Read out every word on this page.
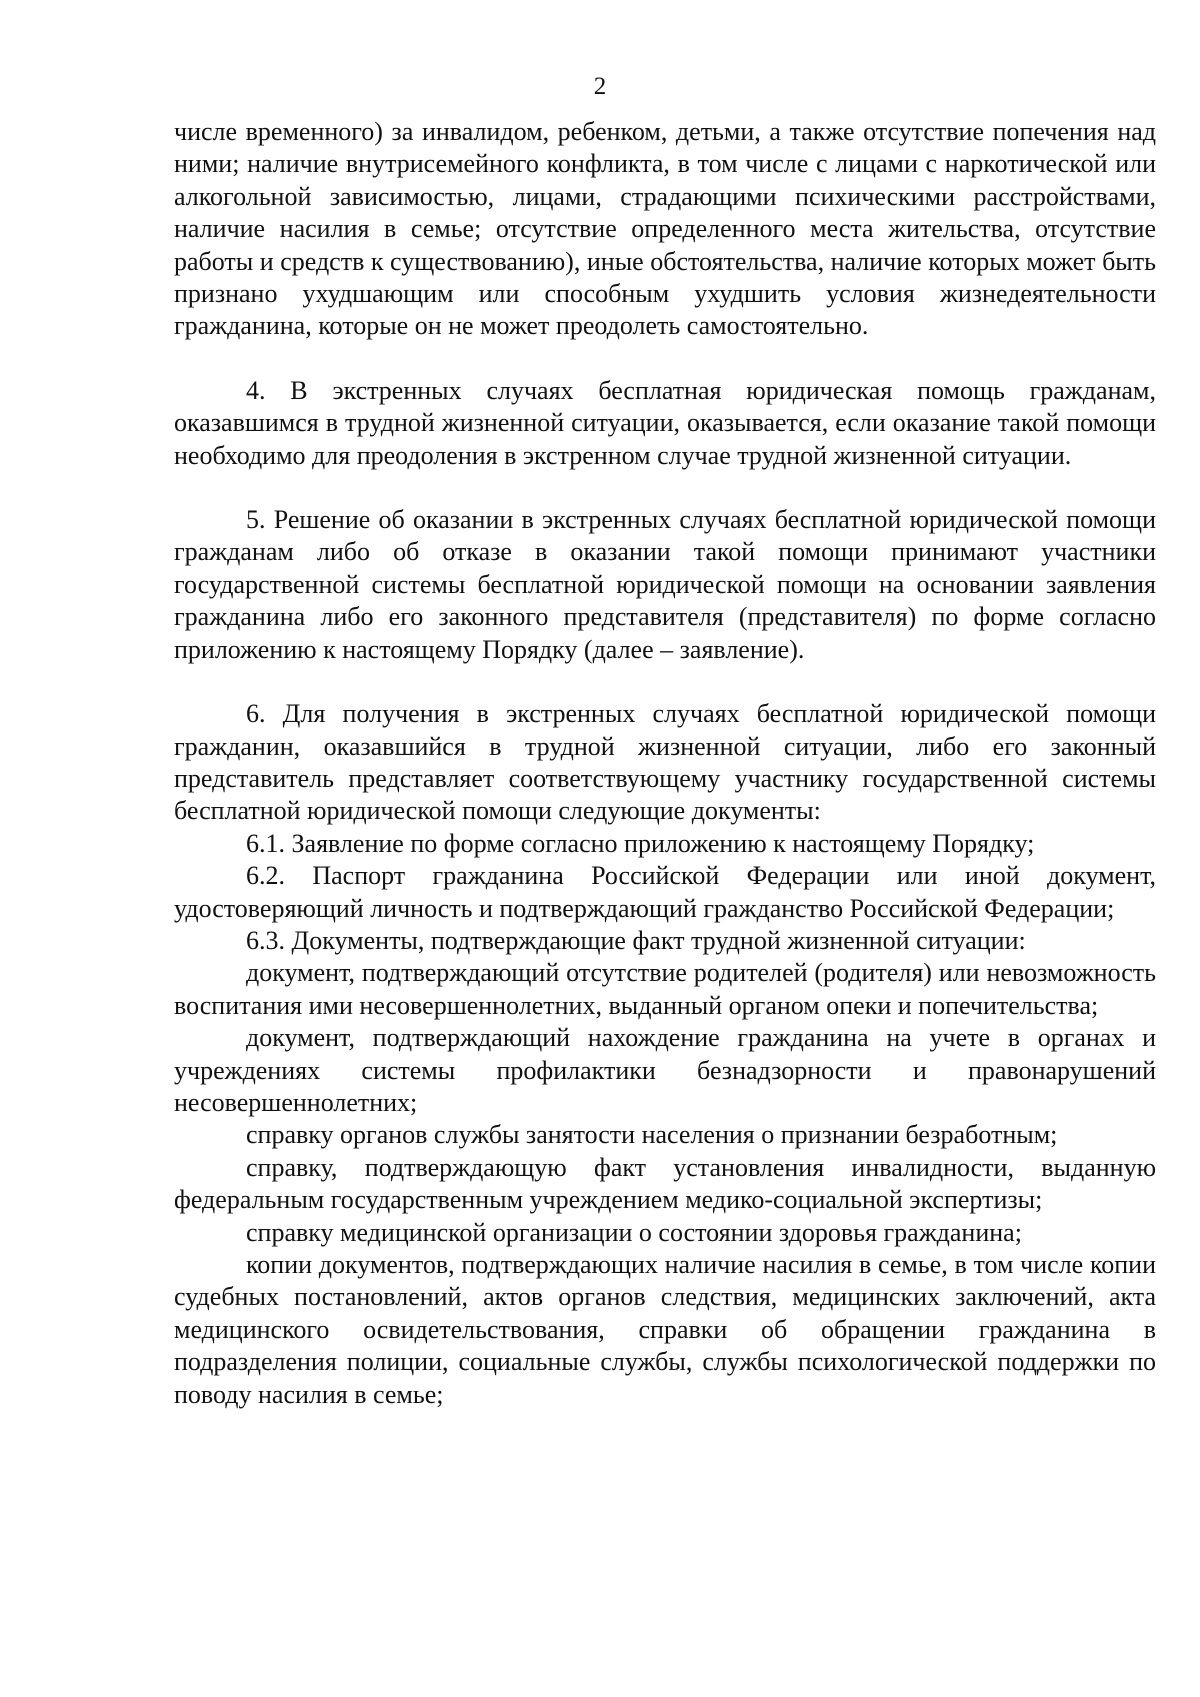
2

числе временного) за инвалидом, ребенком, детьми, а также отсутствие попечения над ними; наличие внутрисемейного конфликта, в том числе с лицами с наркотической или алкогольной зависимостью, лицами, страдающими психическими расстройствами, наличие насилия в семье; отсутствие определенного места жительства, отсутствие работы и средств к существованию), иные обстоятельства, наличие которых может быть признано ухудшающим или способным ухудшить условия жизнедеятельности гражданина, которые он не может преодолеть самостоятельно.

4. В экстренных случаях бесплатная юридическая помощь гражданам, оказавшимся в трудной жизненной ситуации, оказывается, если оказание такой помощи необходимо для преодоления в экстренном случае трудной жизненной ситуации.

5. Решение об оказании в экстренных случаях бесплатной юридической помощи гражданам либо об отказе в оказании такой помощи принимают участники государственной системы бесплатной юридической помощи на основании заявления гражданина либо его законного представителя (представителя) по форме согласно приложению к настоящему Порядку (далее – заявление).

6. Для получения в экстренных случаях бесплатной юридической помощи гражданин, оказавшийся в трудной жизненной ситуации, либо его законный представитель представляет соответствующему участнику государственной системы бесплатной юридической помощи следующие документы:

6.1. Заявление по форме согласно приложению к настоящему Порядку;

6.2. Паспорт гражданина Российской Федерации или иной документ, удостоверяющий личность и подтверждающий гражданство Российской Федерации;

6.3. Документы, подтверждающие факт трудной жизненной ситуации:

документ, подтверждающий отсутствие родителей (родителя) или невозможность воспитания ими несовершеннолетних, выданный органом опеки и попечительства;

документ, подтверждающий нахождение гражданина на учете в органах и учреждениях системы профилактики безнадзорности и правонарушений несовершеннолетних;

справку органов службы занятости населения о признании безработным;

справку, подтверждающую факт установления инвалидности, выданную федеральным государственным учреждением медико-социальной экспертизы;

справку медицинской организации о состоянии здоровья гражданина;

копии документов, подтверждающих наличие насилия в семье, в том числе копии судебных постановлений, актов органов следствия, медицинских заключений, акта медицинского освидетельствования, справки об обращении гражданина в подразделения полиции, социальные службы, службы психологической поддержки по поводу насилия в семье;
